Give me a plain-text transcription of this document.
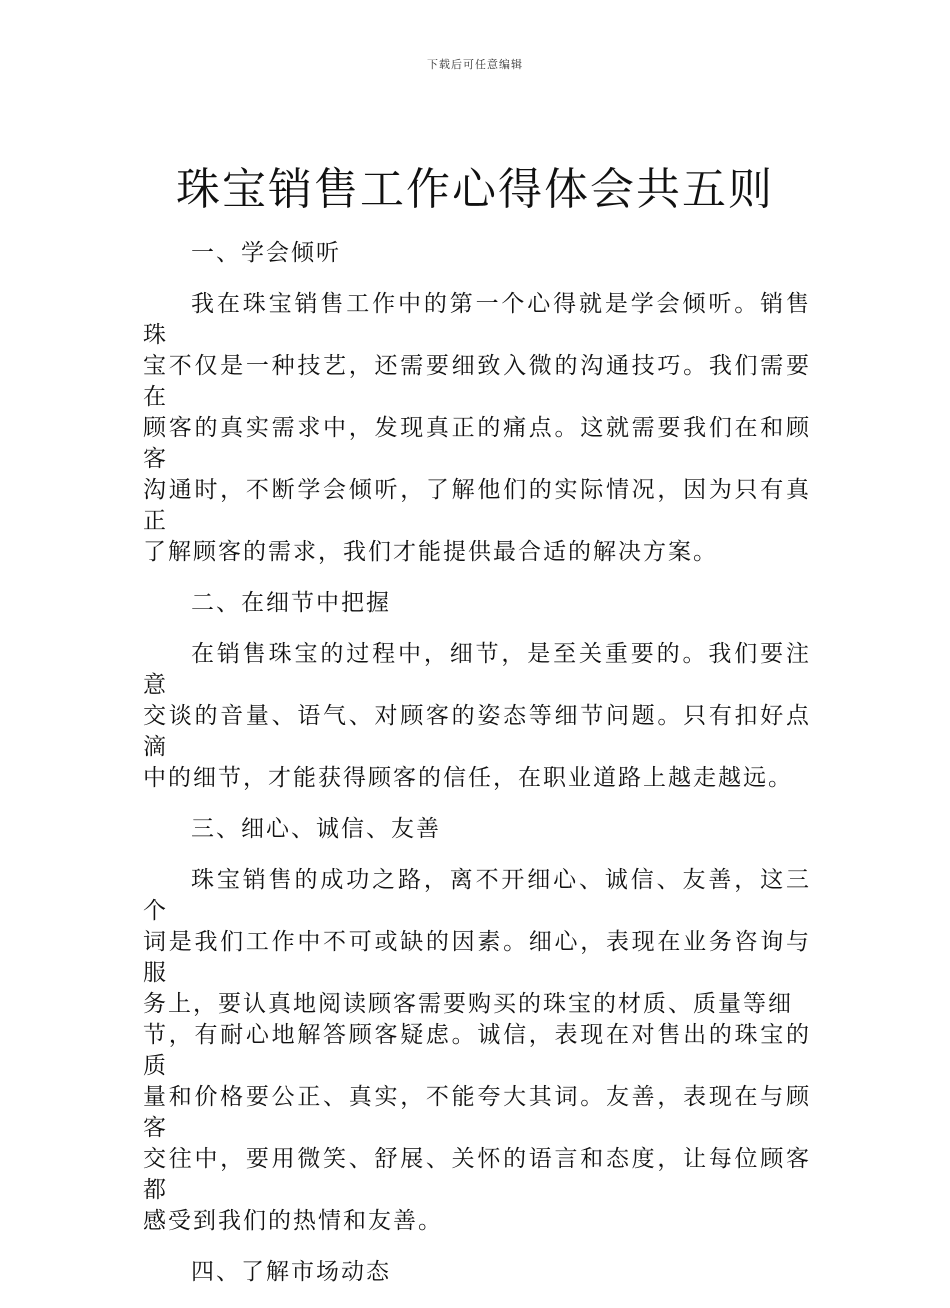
下载后可任意编辑
珠宝销售工作心得体会共五则

一、学会倾听

我在珠宝销售工作中的第一个心得就是学会倾听。销售珠
宝不仅是一种技艺，还需要细致入微的沟通技巧。我们需要在
顾客的真实需求中，发现真正的痛点。这就需要我们在和顾客
沟通时，不断学会倾听，了解他们的实际情况，因为只有真正
了解顾客的需求，我们才能提供最合适的解决方案。

二、在细节中把握

在销售珠宝的过程中，细节，是至关重要的。我们要注意
交谈的音量、语气、对顾客的姿态等细节问题。只有扣好点滴
中的细节，才能获得顾客的信任，在职业道路上越走越远。

三、细心、诚信、友善

珠宝销售的成功之路，离不开细心、诚信、友善，这三个
词是我们工作中不可或缺的因素。细心，表现在业务咨询与服
务上，要认真地阅读顾客需要购买的珠宝的材质、质量等细
节，有耐心地解答顾客疑虑。诚信，表现在对售出的珠宝的质
量和价格要公正、真实，不能夸大其词。友善，表现在与顾客
交往中，要用微笑、舒展、关怀的语言和态度，让每位顾客都
感受到我们的热情和友善。

四、了解市场动态
